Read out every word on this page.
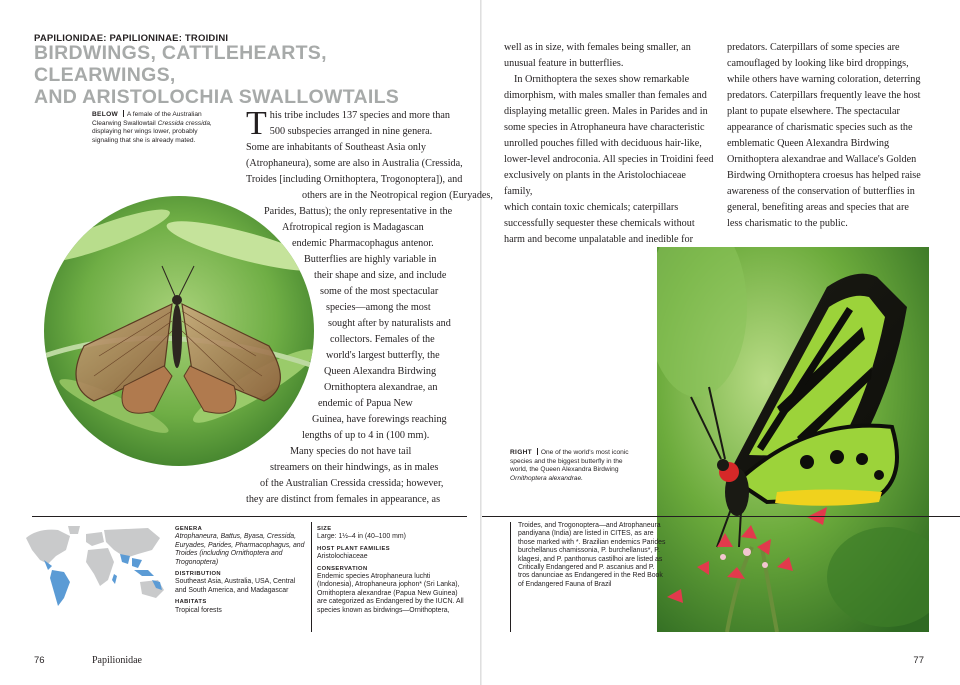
PAPILIONIDAE: PAPILIONINAE: TROIDINI
BIRDWINGS, CATTLEHEARTS, CLEARWINGS,
AND ARISTOLOCHIA SWALLOWTAILS
BELOW A female of the Australian
Clearwing Swallowtail Cressida cressida,
displaying her wings lower, probably
signaling that she is already mated.	T his tribe includes 137 species and more than
500 subspecies arranged in nine genera.
Some are inhabitants of Southeast Asia only
(Atrophaneura), some are also in Australia (Cressida,
Troides [including Ornithoptera, Trogonoptera]), and
others are in the Neotropical region (Euryades,
Parides, Battus); the only representative in the
Afrotropical region is Madagascan
endemic Pharmacophagus antenor.
Butterflies are highly variable in
their shape and size, and include
some of the most spectacular
species—among the most
sought after by naturalists and
collectors. Females of the
world's largest butterfly, the
Queen Alexandra Birdwing
Ornithoptera alexandrae, an
endemic of Papua New
Guinea, have forewings reaching
lengths of up to 4 in (100 mm).
Many species do not have tail
streamers on their hindwings, as in males
of the Australian Cressida cressida; however,
they are distinct from females in appearance, as
GENERA
Atrophaneura, Battus, Byasa, Cressida, Euryades, Parides, Pharmacophagus, and Troides (including Ornithoptera and Trogonoptera)
DISTRIBUTION
Southeast Asia, Australia, USA, Central and South America, and Madagascar
HABITATS
Tropical forests
SIZE
Large: 1½–4 in (40–100 mm)
HOST PLANT FAMILIES
Aristolochiaceae
CONSERVATION
Endemic species Atrophaneura luchti (Indonesia), Atrophaneura jophon* (Sri Lanka), Ornithoptera alexandrae (Papua New Guinea) are categorized as Endangered by the IUCN. All species known as birdwings—Ornithoptera,
76	Papilionidae
well as in size, with females being smaller, an
unusual feature in butterflies.
In Ornithoptera the sexes show remarkable
dimorphism, with males smaller than females and
displaying metallic green. Males in Parides and in
some species in Atrophaneura have characteristic
unrolled pouches filled with deciduous hair-like,
lower-level androconia. All species in Troidini feed
exclusively on plants in the Aristolochiaceae family,
which contain toxic chemicals; caterpillars
successfully sequester these chemicals without
harm and become unpalatable and inedible for
predators. Caterpillars of some species are
camouflaged by looking like bird droppings,
while others have warning coloration, deterring
predators. Caterpillars frequently leave the host
plant to pupate elsewhere. The spectacular
appearance of charismatic species such as the
emblematic Queen Alexandra Birdwing
Ornithoptera alexandrae and Wallace's Golden
Birdwing Ornithoptera croesus has helped raise
awareness of the conservation of butterflies in
general, benefiting areas and species that are
less charismatic to the public.
RIGHT One of the world's most iconic
species and the biggest butterfly in the
world, the Queen Alexandra Birdwing
Ornithoptera alexandrae.
Troides, and Trogonoptera—and Atrophaneura pandiyana (India) are listed in CITES, as are those marked with *. Brazilian endemics Parides burchellanus chamissonia, P. burchellanus*, P. klagesi, and P. panthonus castilhoi are listed as Critically Endangered and P. ascanius and P. tros danunciae as Endangered in the Red Book of Endangered Fauna of Brazil
77
